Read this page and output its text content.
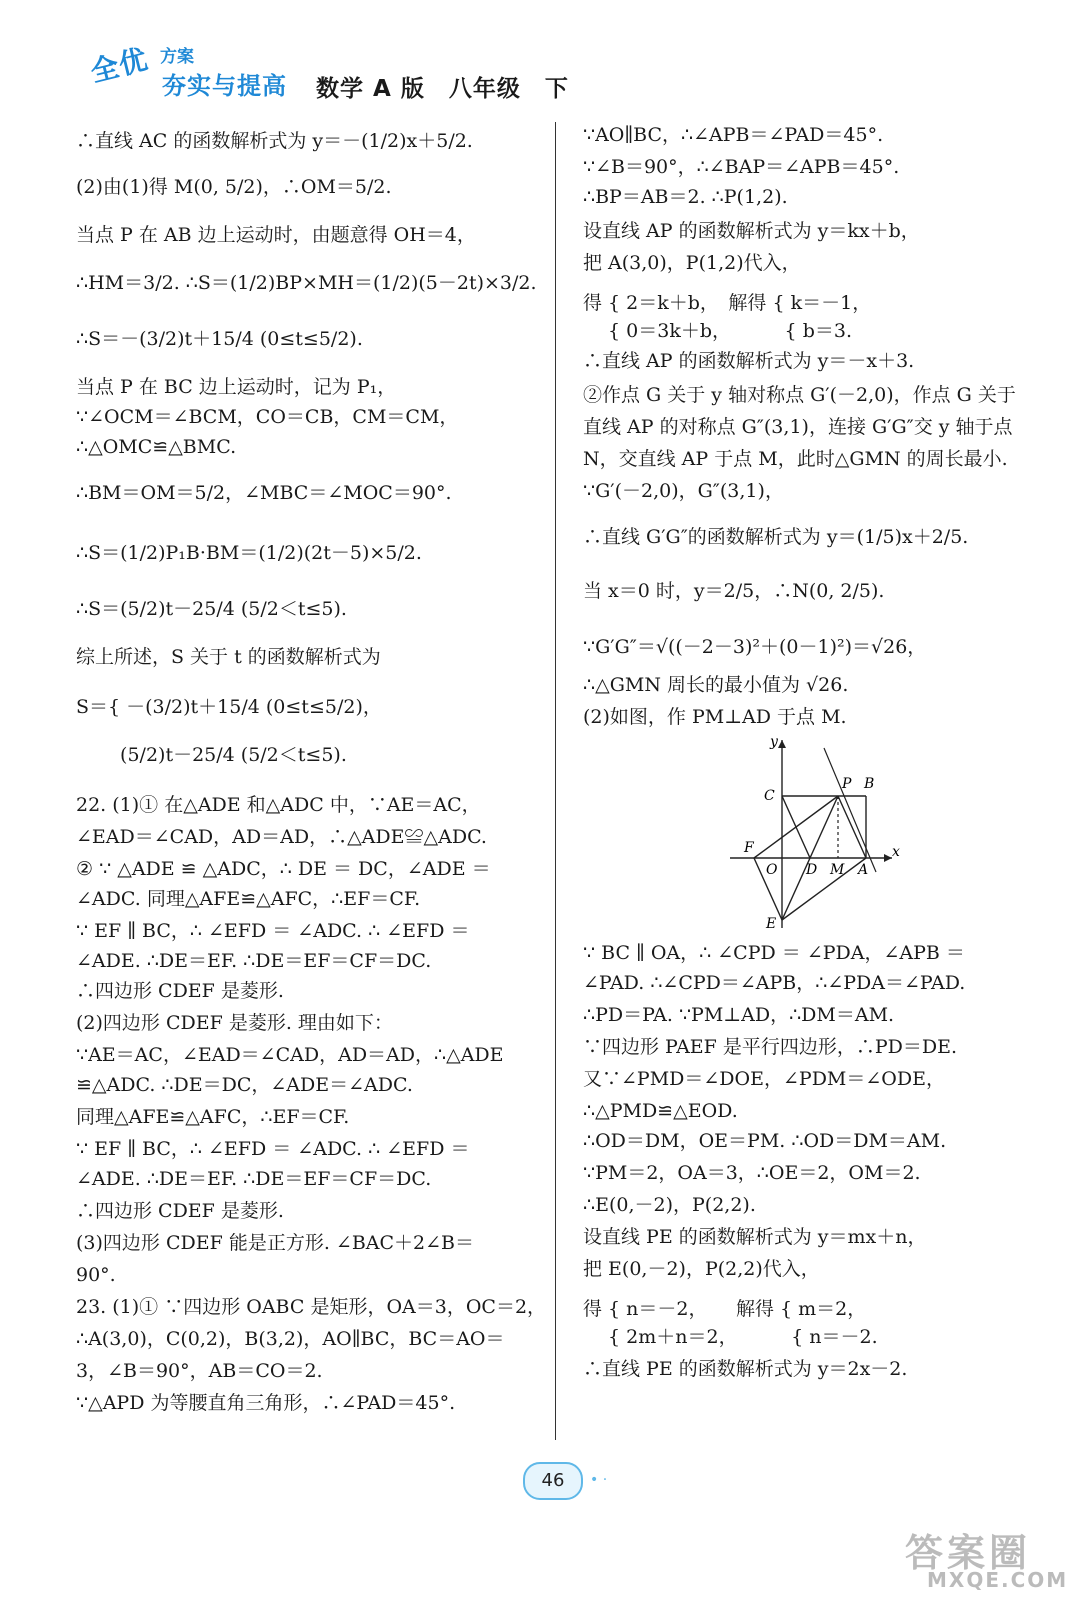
全优 方案
夯实与提高 数学 A 版　八年级　下
∴直线 AC 的函数解析式为 y＝－(1/2)x＋5/2.
(2)由(1)得 M(0, 5/2)，∴OM＝5/2.
当点 P 在 AB 边上运动时，由题意得 OH＝4，
∴HM＝3/2. ∴S＝(1/2)BP×MH＝(1/2)(5－2t)×3/2.
∴S＝－(3/2)t＋15/4 (0≤t≤5/2).
当点 P 在 BC 边上运动时，记为 P₁，
∵∠OCM＝∠BCM，CO＝CB，CM＝CM，
∴△OMC≌△BMC.
∴BM＝OM＝5/2，∠MBC＝∠MOC＝90°.
∴S＝(1/2)P₁B·BM＝(1/2)(2t－5)×5/2.
∴S＝(5/2)t－25/4 (5/2＜t≤5).
综上所述，S 关于 t 的函数解析式为
S＝{ －(3/2)t＋15/4 (0≤t≤5/2)，
　　 (5/2)t－25/4 (5/2＜t≤5).
22. (1)① 在△ADE 和△ADC 中，∵AE＝AC，
∠EAD＝∠CAD，AD＝AD，∴△ADE≌△ADC.
② ∵ △ADE ≌ △ADC，∴ DE ＝ DC，∠ADE ＝
∠ADC. 同理△AFE≌△AFC，∴EF＝CF.
∵ EF ∥ BC，∴ ∠EFD ＝ ∠ADC. ∴ ∠EFD ＝
∠ADE. ∴DE＝EF. ∴DE＝EF＝CF＝DC.
∴四边形 CDEF 是菱形.
(2)四边形 CDEF 是菱形. 理由如下：
∵AE＝AC，∠EAD＝∠CAD，AD＝AD，∴△ADE
≌△ADC. ∴DE＝DC，∠ADE＝∠ADC.
同理△AFE≌△AFC，∴EF＝CF.
∵ EF ∥ BC，∴ ∠EFD ＝ ∠ADC. ∴ ∠EFD ＝
∠ADE. ∴DE＝EF. ∴DE＝EF＝CF＝DC.
∴四边形 CDEF 是菱形.
(3)四边形 CDEF 能是正方形. ∠BAC＋2∠B＝
90°.
23. (1)① ∵四边形 OABC 是矩形，OA＝3，OC＝2，
∴A(3,0)，C(0,2)，B(3,2)，AO∥BC，BC＝AO＝
3，∠B＝90°，AB＝CO＝2.
∵△APD 为等腰直角三角形，∴∠PAD＝45°.
∵AO∥BC，∴∠APB＝∠PAD＝45°.
∵∠B＝90°，∴∠BAP＝∠APB＝45°.
∴BP＝AB＝2. ∴P(1,2).
设直线 AP 的函数解析式为 y＝kx＋b，
把 A(3,0)，P(1,2)代入，
得 { 2＝k＋b，　解得 { k＝－1，
　 { 0＝3k＋b，　　　 { b＝3.
∴直线 AP 的函数解析式为 y＝－x＋3.
②作点 G 关于 y 轴对称点 G′(－2,0)，作点 G 关于
直线 AP 的对称点 G″(3,1)，连接 G′G″交 y 轴于点
N，交直线 AP 于点 M，此时△GMN 的周长最小.
∵G′(－2,0)，G″(3,1)，
∴直线 G′G″的函数解析式为 y＝(1/5)x＋2/5.
当 x＝0 时，y＝2/5，∴N(0, 2/5).
∵G′G″＝√((－2－3)²＋(0－1)²)＝√26，
∴△GMN 周长的最小值为 √26.
(2)如图，作 PM⊥AD 于点 M.
∵ BC ∥ OA，∴ ∠CPD ＝ ∠PDA，∠APB ＝
∠PAD. ∴∠CPD＝∠APB，∴∠PDA＝∠PAD.
∴PD＝PA. ∵PM⊥AD，∴DM＝AM.
∵四边形 PAEF 是平行四边形，∴PD＝DE.
又∵∠PMD＝∠DOE，∠PDM＝∠ODE，
∴△PMD≌△EOD.
∴OD＝DM，OE＝PM. ∴OD＝DM＝AM.
∵PM＝2，OA＝3，∴OE＝2，OM＝2.
∴E(0,－2)，P(2,2).
设直线 PE 的函数解析式为 y＝mx＋n，
把 E(0,－2)，P(2,2)代入，
得 { n＝－2，　　解得 { m＝2，
　 { 2m＋n＝2，　　　 { n＝－2.
∴直线 PE 的函数解析式为 y＝2x－2.
y
x
C
P B
F
O D M A
E
46	• ·
答案圈
MXQE.COM
